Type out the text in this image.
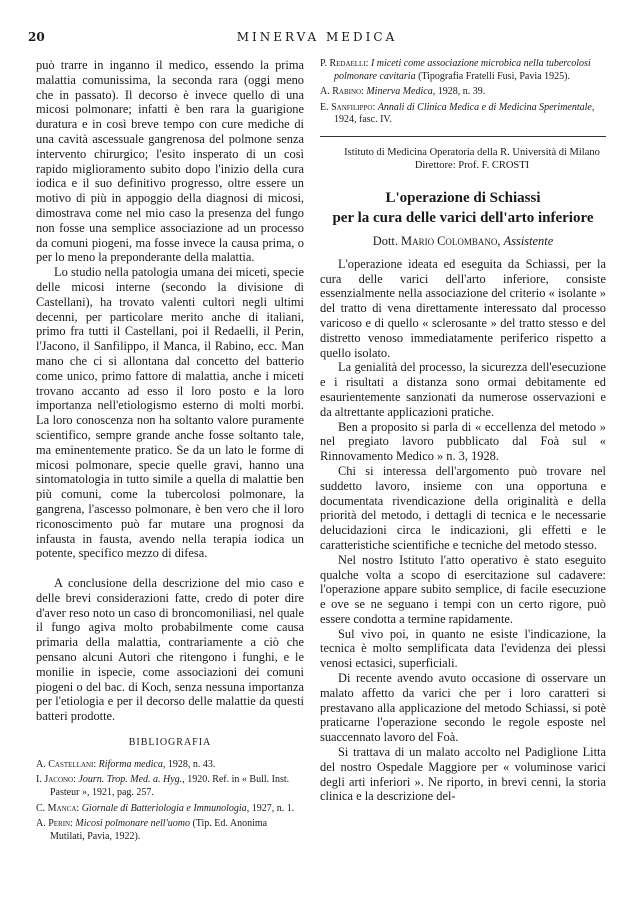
20	MINERVA MEDICA

può trarre in inganno il medico, essendo la prima malattia comunissima, la seconda rara (oggi meno che in passato). Il decorso è invece quello di una micosi polmonare; infatti è ben rara la guarigione duratura e in così breve tempo con cure mediche di una cavità ascessuale gangrenosa del polmone senza intervento chirurgico; l'esito insperato di un così rapido miglioramento subito dopo l'inizio della cura iodica e il suo definitivo progresso, oltre essere un motivo di più in appoggio della diagnosi di micosi, dimostrava come nel mio caso la presenza del fungo non fosse una semplice associazione ad un processo da comuni piogeni, ma fosse invece la causa prima, o per lo meno la preponderante della malattia.

Lo studio nella patologia umana dei miceti, specie delle micosi interne (secondo la divisione di Castellani), ha trovato valenti cultori negli ultimi decenni, per particolare merito anche di italiani, primo fra tutti il Castellani, poi il Redaelli, il Perin, l'Jacono, il Sanfilippo, il Manca, il Rabino, ecc. Man mano che ci si allontana dal concetto del batterio come unico, primo fattore di malattia, anche i miceti trovano accanto ad esso il loro posto e la loro importanza nell'etiologismo esterno di molti morbi. La loro conoscenza non ha soltanto valore puramente scientifico, sempre grande anche fosse soltanto tale, ma eminentemente pratico. Se da un lato le forme di micosi polmonare, specie quelle gravi, hanno una sintomatologia in tutto simile a quella di malattie ben più comuni, come la tubercolosi polmonare, la gangrena, l'ascesso polmonare, è ben vero che il loro riconoscimento può far mutare una prognosi da infausta in fausta, avendo nella terapia iodica un potente, specifico mezzo di difesa.

A conclusione della descrizione del mio caso e delle brevi considerazioni fatte, credo di poter dire d'aver reso noto un caso di broncomoniliasi, nel quale il fungo agiva molto probabilmente come causa primaria della malattia, contrariamente a ciò che pensano alcuni Autori che ritengono i funghi, e le monilie in ispecie, come associazioni dei comuni piogeni o del bac. di Koch, senza nessuna importanza per l'etiologia e per il decorso delle malattie da questi batteri prodotte.

BIBLIOGRAFIA
A. Castellani: Riforma medica, 1928, n. 43.
I. Jacono: Journ. Trop. Med. a. Hyg., 1920. Ref. in « Bull. Inst. Pasteur », 1921, pag. 257.
C. Manca: Giornale di Batteriologia e Immunologia, 1927, n. 1.
A. Perin: Micosi polmonare nell'uomo (Tip. Ed. Anonima Mutilati, Pavia, 1922).
P. Redaelli: I miceti come associazione microbica nella tubercolosi polmonare cavitaria (Tipografia Fratelli Fusi, Pavia 1925).
A. Rabino: Minerva Medica, 1928, n. 39.
E. Sanfilippo: Annali di Clinica Medica e di Medicina Sperimentale, 1924, fasc. IV.

Istituto di Medicina Operatoria della R. Università di Milano

Direttore: Prof. F. CROSTI

L'operazione di Schiassi
per la cura delle varici dell'arto inferiore
Dott. Mario Colombano, Assistente

L'operazione ideata ed eseguita da Schiassi, per la cura delle varici dell'arto inferiore, consiste essenzialmente nella associazione del criterio « isolante » del tratto di vena direttamente interessato dal processo varicoso e di quello « sclerosante » del tratto stesso e del distretto venoso immediatamente periferico rispetto a quello isolato.

La genialità del processo, la sicurezza dell'esecuzione e i risultati a distanza sono ormai debitamente ed esaurientemente sanzionati da numerose osservazioni e da altrettante applicazioni pratiche.

Ben a proposito si parla di « eccellenza del metodo » nel pregiato lavoro pubblicato dal Foà sul « Rinnovamento Medico » n. 3, 1928.

Chi si interessa dell'argomento può trovare nel suddetto lavoro, insieme con una opportuna e documentata rivendicazione della originalità e della priorità del metodo, i dettagli di tecnica e le necessarie delucidazioni circa le indicazioni, gli effetti e le caratteristiche scientifiche e tecniche del metodo stesso.

Nel nostro Istituto l'atto operativo è stato eseguito qualche volta a scopo di esercitazione sul cadavere: l'operazione appare subito semplice, di facile esecuzione e ove se ne seguano i tempi con un certo rigore, può essere condotta a termine rapidamente.

Sul vivo poi, in quanto ne esiste l'indicazione, la tecnica è molto semplificata data l'evidenza dei plessi venosi ectasici, superficiali.

Di recente avendo avuto occasione di osservare un malato affetto da varici che per i loro caratteri si prestavano alla applicazione del metodo Schiassi, si potè praticarne l'operazione secondo le regole esposte nel suaccennato lavoro del Foà.

Si trattava di un malato accolto nel Padiglione Litta del nostro Ospedale Maggiore per « voluminose varici degli arti inferiori ». Ne riporto, in brevi cenni, la storia clinica e la descrizione del-
